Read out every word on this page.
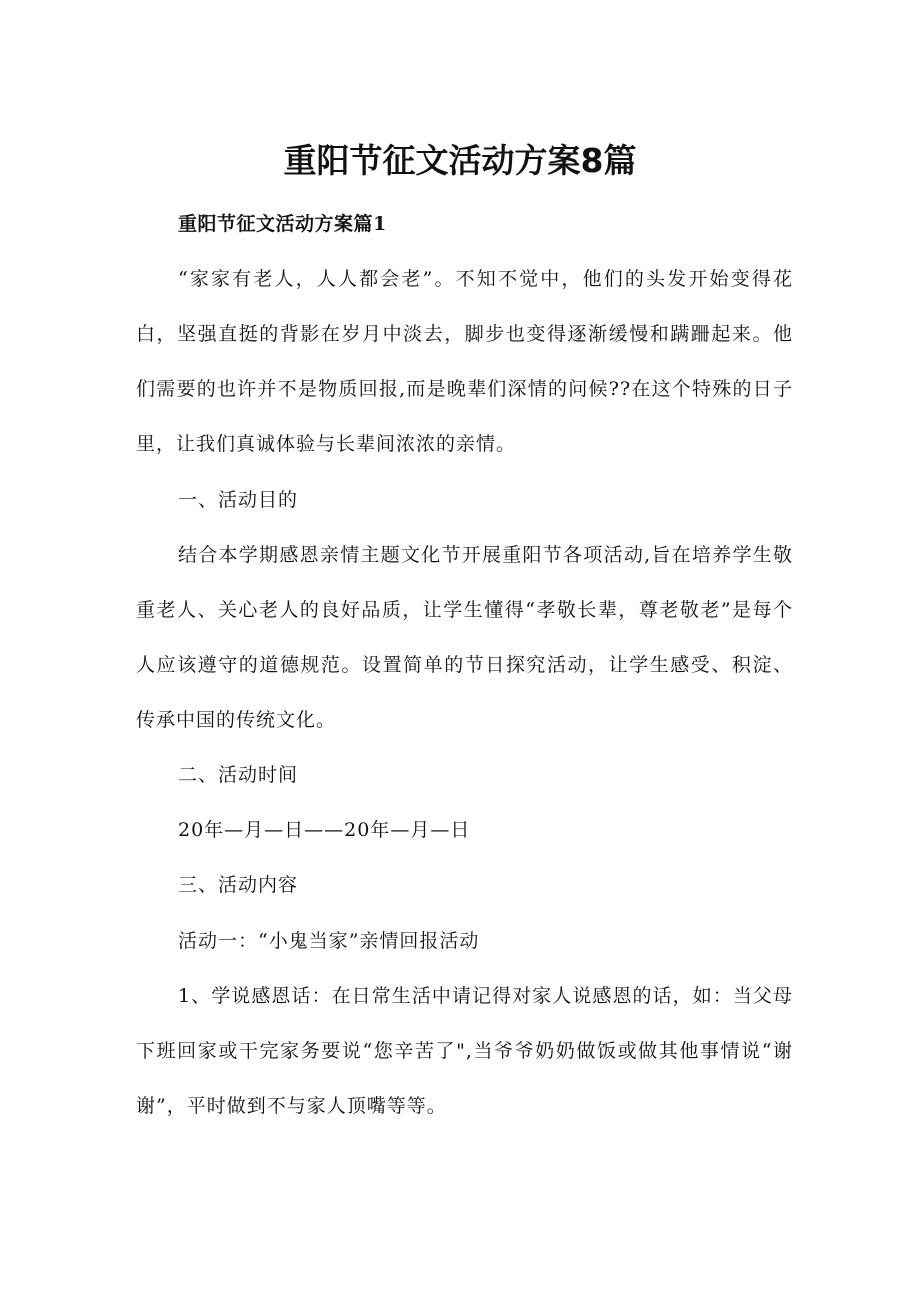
重阳节征文活动方案8篇
重阳节征文活动方案篇1

“家家有老人，人人都会老”。不知不觉中，他们的头发开始变得花白，坚强直挺的背影在岁月中淡去，脚步也变得逐渐缓慢和蹒跚起来。他们需要的也许并不是物质回报,而是晚辈们深情的问候??在这个特殊的日子里，让我们真诚体验与长辈间浓浓的亲情。

一、活动目的

结合本学期感恩亲情主题文化节开展重阳节各项活动,旨在培养学生敬重老人、关心老人的良好品质，让学生懂得“孝敬长辈，尊老敬老”是每个人应该遵守的道德规范。设置简单的节日探究活动，让学生感受、积淀、传承中国的传统文化。

二、活动时间

20年—月—日——20年—月—日

三、活动内容

活动一：“小鬼当家”亲情回报活动

1、学说感恩话：在日常生活中请记得对家人说感恩的话，如：当父母下班回家或干完家务要说“您辛苦了",当爷爷奶奶做饭或做其他事情说“谢谢”，平时做到不与家人顶嘴等等。
